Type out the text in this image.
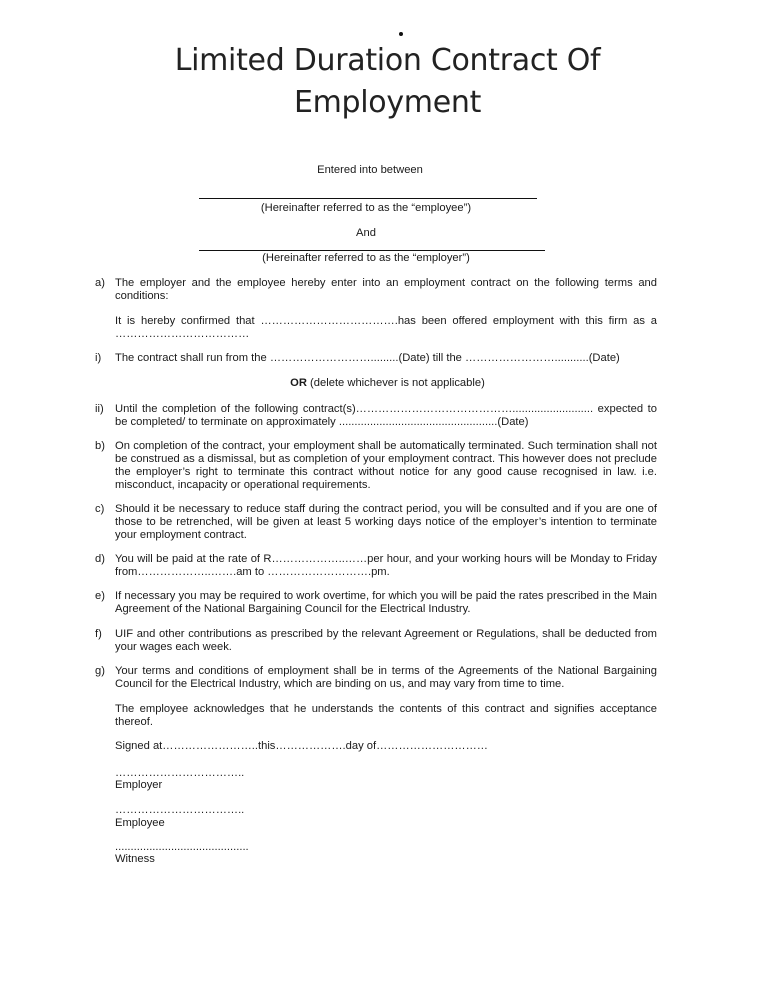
Limited Duration Contract Of
Employment
Entered into between
(Hereinafter referred to as the “employee”)
And
(Hereinafter referred to as the “employer”)
a) The employer and the employee hereby enter into an employment contract on the following terms and conditions:
It is hereby confirmed that ……………………………….has been offered employment with this firm as a ………………………………
i)	The contract shall run from the ……………………….........(Date) till the ……………………...........(Date)
OR (delete whichever is not applicable)
ii)	Until the completion of the following contract(s)…………………………………….......................... expected to be completed/ to terminate on approximately ...................................................(Date)
b) On completion of the contract, your employment shall be automatically terminated. Such termination shall not be construed as a dismissal, but as completion of your employment contract. This however does not preclude the employer’s right to terminate this contract without notice for any good cause recognised in law. i.e. misconduct, incapacity or operational requirements.
c) Should it be necessary to reduce staff during the contract period, you will be consulted and if you are one of those to be retrenched, will be given at least 5 working days notice of the employer’s intention to terminate your employment contract.
d) You will be paid at the rate of R………………..……per hour, and your working hours will be Monday to Friday from………………..…….am to ……………………….pm.
e) If necessary you may be required to work overtime, for which you will be paid the rates prescribed in the Main Agreement of the National Bargaining Council for the Electrical Industry.
f)	UIF and other contributions as prescribed by the relevant Agreement or Regulations, shall be deducted from your wages each week.
g) Your terms and conditions of employment shall be in terms of the Agreements of the National Bargaining Council for the Electrical Industry, which are binding on us, and may vary from time to time.
The employee acknowledges that he understands the contents of this contract and signifies acceptance thereof.
Signed at……………………..this……………….day of…………………………
……………………………..
Employer
……………………………..
Employee
...........................................
Witness
